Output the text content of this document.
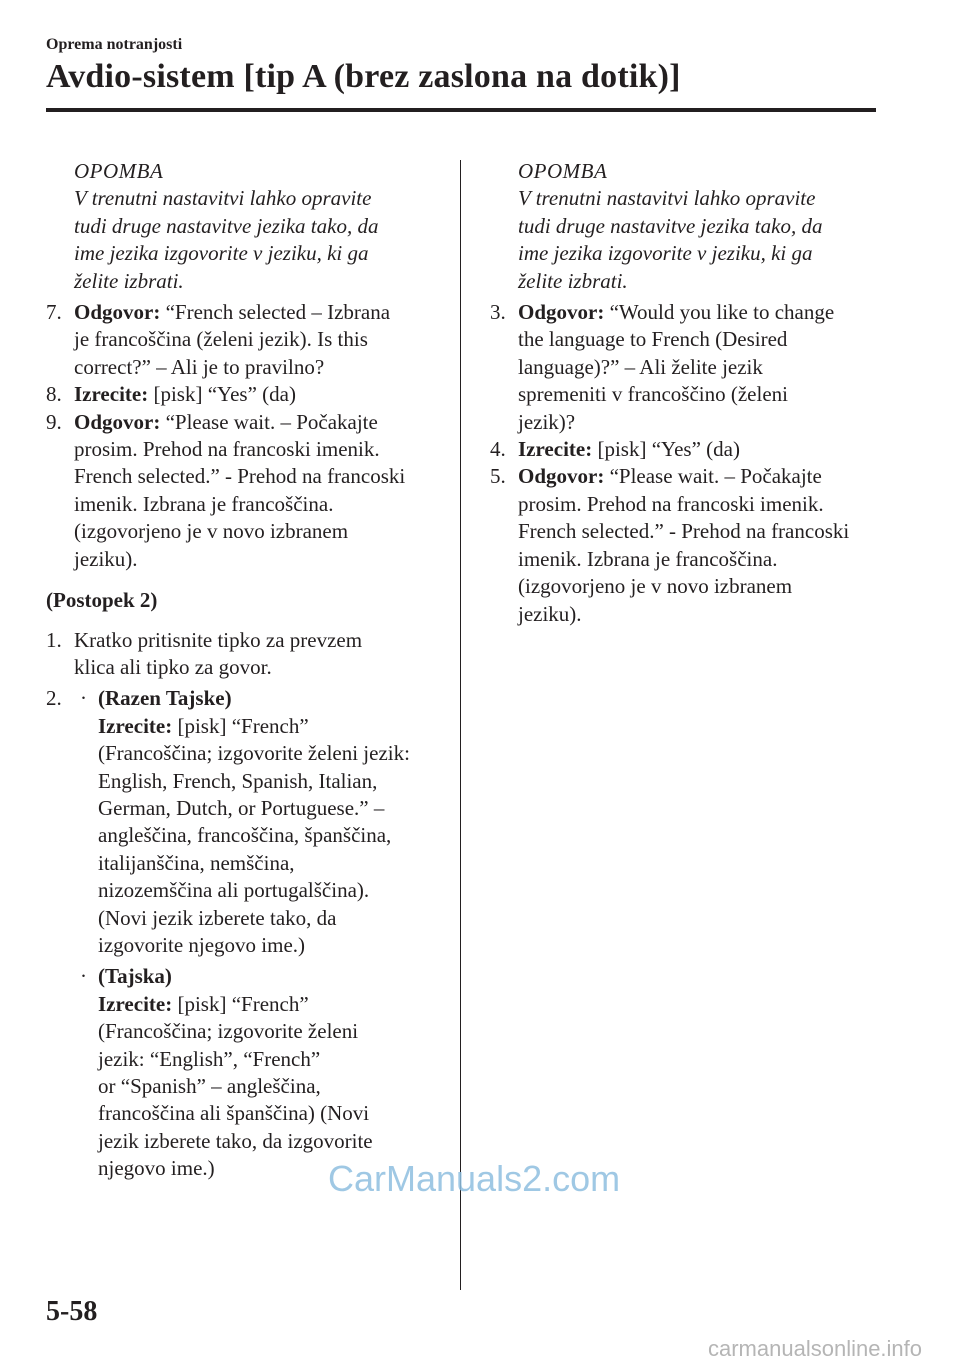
Oprema notranjosti
Avdio-sistem [tip A (brez zaslona na dotik)]
OPOMBA
V trenutni nastavitvi lahko opravite
tudi druge nastavitve jezika tako, da
ime jezika izgovorite v jeziku, ki ga
želite izbrati.
7. Odgovor: “French selected – Izbrana
je francoščina (želeni jezik). Is this
correct?” – Ali je to pravilno?
8. Izrecite: [pisk] “Yes” (da)
9. Odgovor: “Please wait. – Počakajte
prosim. Prehod na francoski imenik.
French selected.” - Prehod na francoski
imenik. Izbrana je francoščina.
(izgovorjeno je v novo izbranem
jeziku).
(Postopek 2)
1. Kratko pritisnite tipko za prevzem
klica ali tipko za govor.
2. · (Razen Tajske)
Izrecite: [pisk] “French”
(Francoščina; izgovorite želeni jezik:
English, French, Spanish, Italian,
German, Dutch, or Portuguese.” –
angleščina, francoščina, španščina,
italijanščina, nemščina,
nizozemščina ali portugalščina).
(Novi jezik izberete tako, da
izgovorite njegovo ime.)
· (Tajska)
Izrecite: [pisk] “French”
(Francoščina; izgovorite želeni
jezik: “English”, “French”
or “Spanish” – angleščina,
francoščina ali španščina) (Novi
jezik izberete tako, da izgovorite
njegovo ime.)
OPOMBA
V trenutni nastavitvi lahko opravite
tudi druge nastavitve jezika tako, da
ime jezika izgovorite v jeziku, ki ga
želite izbrati.
3. Odgovor: “Would you like to change
the language to French (Desired
language)?” – Ali želite jezik
spremeniti v francoščino (želeni
jezik)?
4. Izrecite: [pisk] “Yes” (da)
5. Odgovor: “Please wait. – Počakajte
prosim. Prehod na francoski imenik.
French selected.” - Prehod na francoski
imenik. Izbrana je francoščina.
(izgovorjeno je v novo izbranem
jeziku).
CarManuals2.com
5-58
carmanualsonline.info
